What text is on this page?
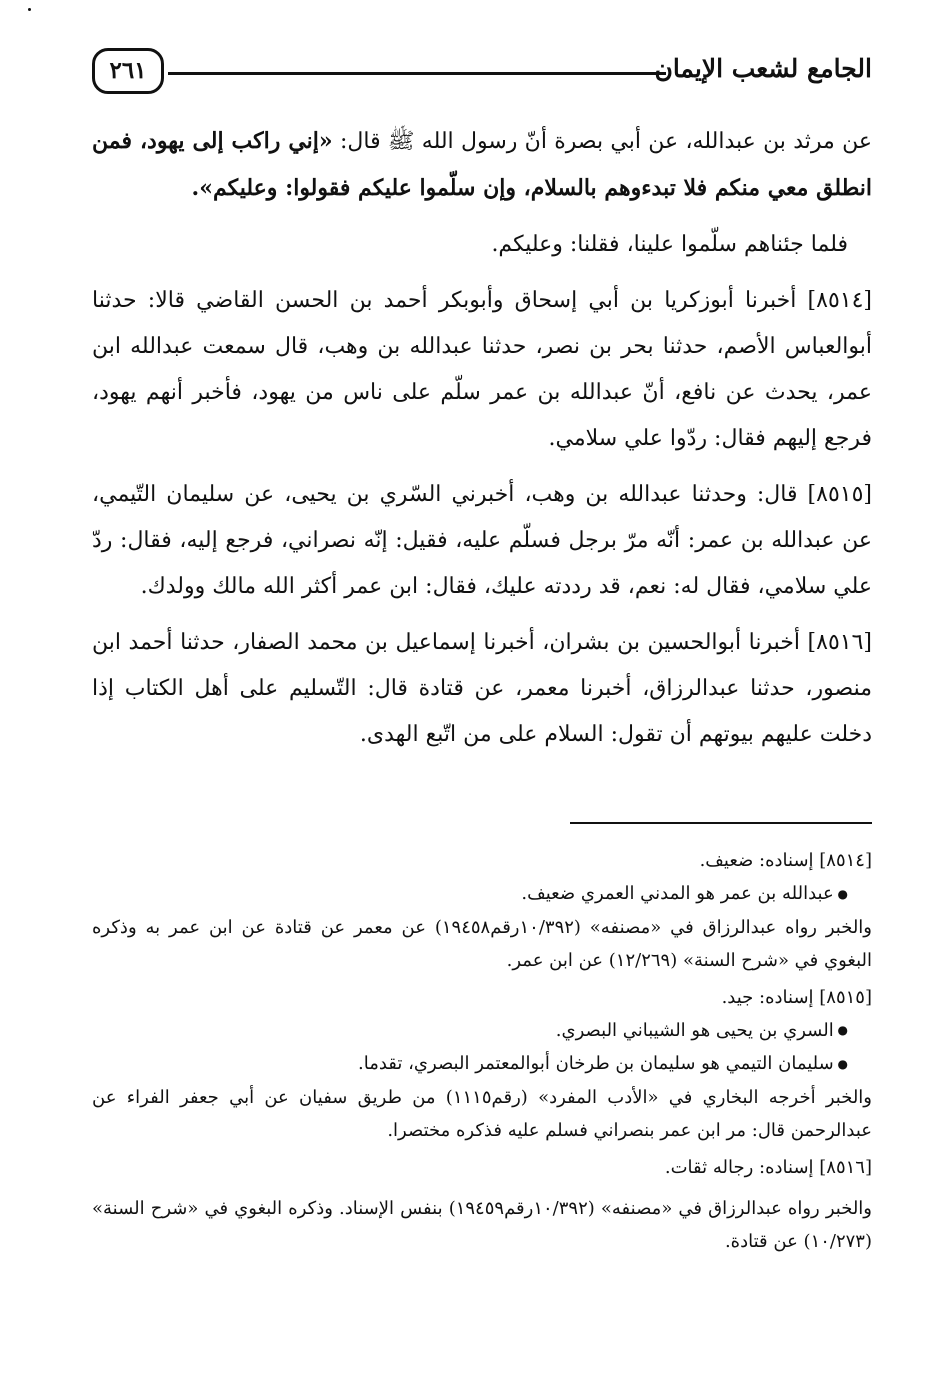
٢٦١	الجامع لشعب الإيمان

عن مرثد بن عبدالله، عن أبي بصرة أنّ رسول الله ﷺ قال: «إني راكب إلى يهود، فمن انطلق معي منكم فلا تبدءوهم بالسلام، وإن سلّموا عليكم فقولوا: وعليكم».

فلما جئناهم سلّموا علينا، فقلنا: وعليكم.

[٨٥١٤] أخبرنا أبوزكريا بن أبي إسحاق وأبوبكر أحمد بن الحسن القاضي قالا: حدثنا أبوالعباس الأصم، حدثنا بحر بن نصر، حدثنا عبدالله بن وهب، قال سمعت عبدالله ابن عمر، يحدث عن نافع، أنّ عبدالله بن عمر سلّم على ناس من يهود، فأخبر أنهم يهود، فرجع إليهم فقال: ردّوا علي سلامي.

[٨٥١٥] قال: وحدثنا عبدالله بن وهب، أخبرني السّري بن يحيى، عن سليمان التّيمي، عن عبدالله بن عمر: أنّه مرّ برجل فسلّم عليه، فقيل: إنّه نصراني، فرجع إليه، فقال: ردّ علي سلامي، فقال له: نعم، قد رددته عليك، فقال: ابن عمر أكثر الله مالك وولدك.

[٨٥١٦] أخبرنا أبوالحسين بن بشران، أخبرنا إسماعيل بن محمد الصفار، حدثنا أحمد ابن منصور، حدثنا عبدالرزاق، أخبرنا معمر، عن قتادة قال: التّسليم على أهل الكتاب إذا دخلت عليهم بيوتهم أن تقول: السلام على من اتّبع الهدى.

[٨٥١٤] إسناده: ضعيف.

● عبدالله بن عمر هو المدني العمري ضعيف.

والخبر رواه عبدالرزاق في «مصنفه» (١٠/٣٩٢رقم١٩٤٥٨) عن معمر عن قتادة عن ابن عمر به وذكره البغوي في «شرح السنة» (١٢/٢٦٩) عن ابن عمر.

[٨٥١٥] إسناده: جيد.

● السري بن يحيى هو الشيباني البصري.

● سليمان التيمي هو سليمان بن طرخان أبوالمعتمر البصري، تقدما.

والخبر أخرجه البخاري في «الأدب المفرد» (رقم١١١٥) من طريق سفيان عن أبي جعفر الفراء عن عبدالرحمن قال: مر ابن عمر بنصراني فسلم عليه فذكره مختصرا.

[٨٥١٦] إسناده: رجاله ثقات.

والخبر رواه عبدالرزاق في «مصنفه» (١٠/٣٩٢رقم١٩٤٥٩) بنفس الإسناد. وذكره البغوي في «شرح السنة» (١٠/٢٧٣) عن قتادة.
